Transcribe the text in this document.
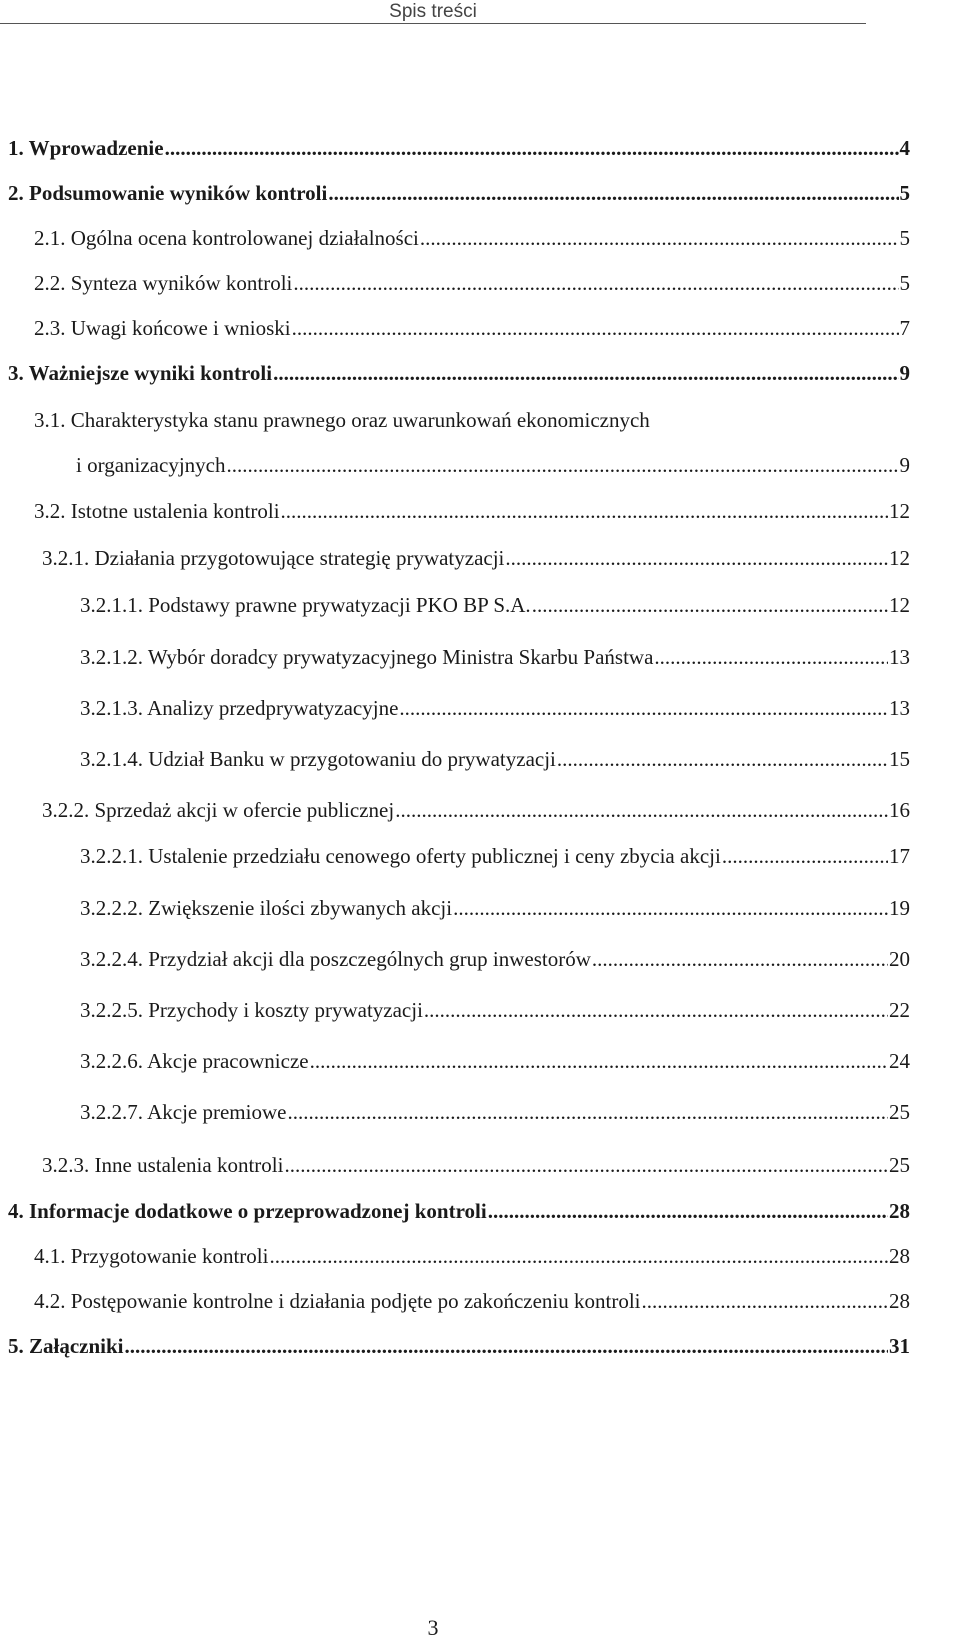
Spis treści
1. Wprowadzenie .....	4
2. Podsumowanie wyników kontroli .....	5
2.1. Ogólna ocena kontrolowanej działalności .....	5
2.2. Synteza wyników kontroli .....	5
2.3. Uwagi końcowe i wnioski .....	7
3. Ważniejsze wyniki kontroli .....	9
3.1. Charakterystyka stanu prawnego oraz uwarunkowań ekonomicznych
i organizacyjnych .....	9
3.2. Istotne ustalenia kontroli .....	12
3.2.1. Działania przygotowujące strategię prywatyzacji .....	12
3.2.1.1. Podstawy prawne prywatyzacji PKO BP S.A. .....	12
3.2.1.2. Wybór doradcy prywatyzacyjnego Ministra Skarbu Państwa .....	13
3.2.1.3. Analizy przedprywatyzacyjne .....	13
3.2.1.4. Udział Banku w przygotowaniu do prywatyzacji .....	15
3.2.2. Sprzedaż akcji w ofercie publicznej .....	16
3.2.2.1. Ustalenie przedziału cenowego oferty publicznej i ceny zbycia akcji .....	17
3.2.2.2. Zwiększenie ilości zbywanych akcji .....	19
3.2.2.4. Przydział akcji dla poszczególnych grup inwestorów .....	20
3.2.2.5. Przychody i koszty prywatyzacji .....	22
3.2.2.6. Akcje pracownicze .....	24
3.2.2.7. Akcje premiowe .....	25
3.2.3. Inne ustalenia kontroli .....	25
4. Informacje dodatkowe o przeprowadzonej kontroli .....	28
4.1. Przygotowanie kontroli .....	28
4.2. Postępowanie kontrolne i działania podjęte po zakończeniu kontroli .....	28
5. Załączniki .....	31
3
